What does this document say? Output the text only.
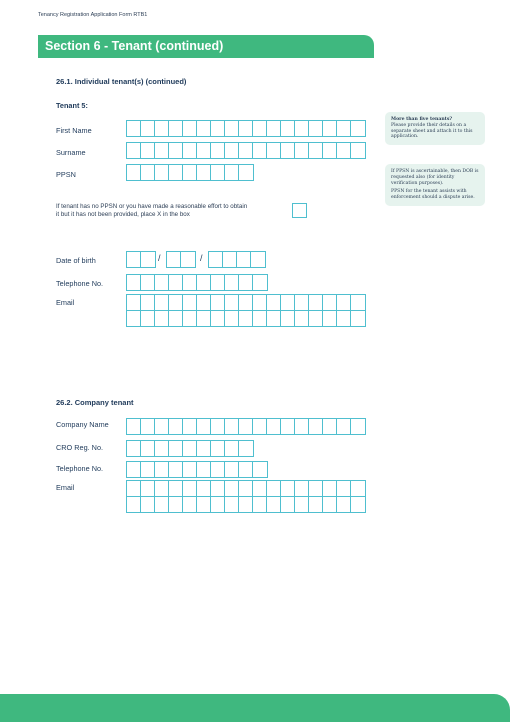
Tenancy Registration Application Form RTB1
Section 6 - Tenant (continued)
26.1. Individual tenant(s) (continued)
Tenant 5:
First Name
Surname
PPSN
If tenant has no PPSN or you have made a reasonable effort to obtain
it but it has not been provided, place X in the box
Date of birth	/	/
Telephone No.
Email
More than five tenants?
Please provide their details on a separate sheet and attach it to this application.

If PPSN is ascertainable, then DOB is requested also (for identity verification purposes).

PPSN for the tenant assists with enforcement should a dispute arise.

26.2. Company tenant
Company Name
CRO Reg. No.
Telephone No.
Email
